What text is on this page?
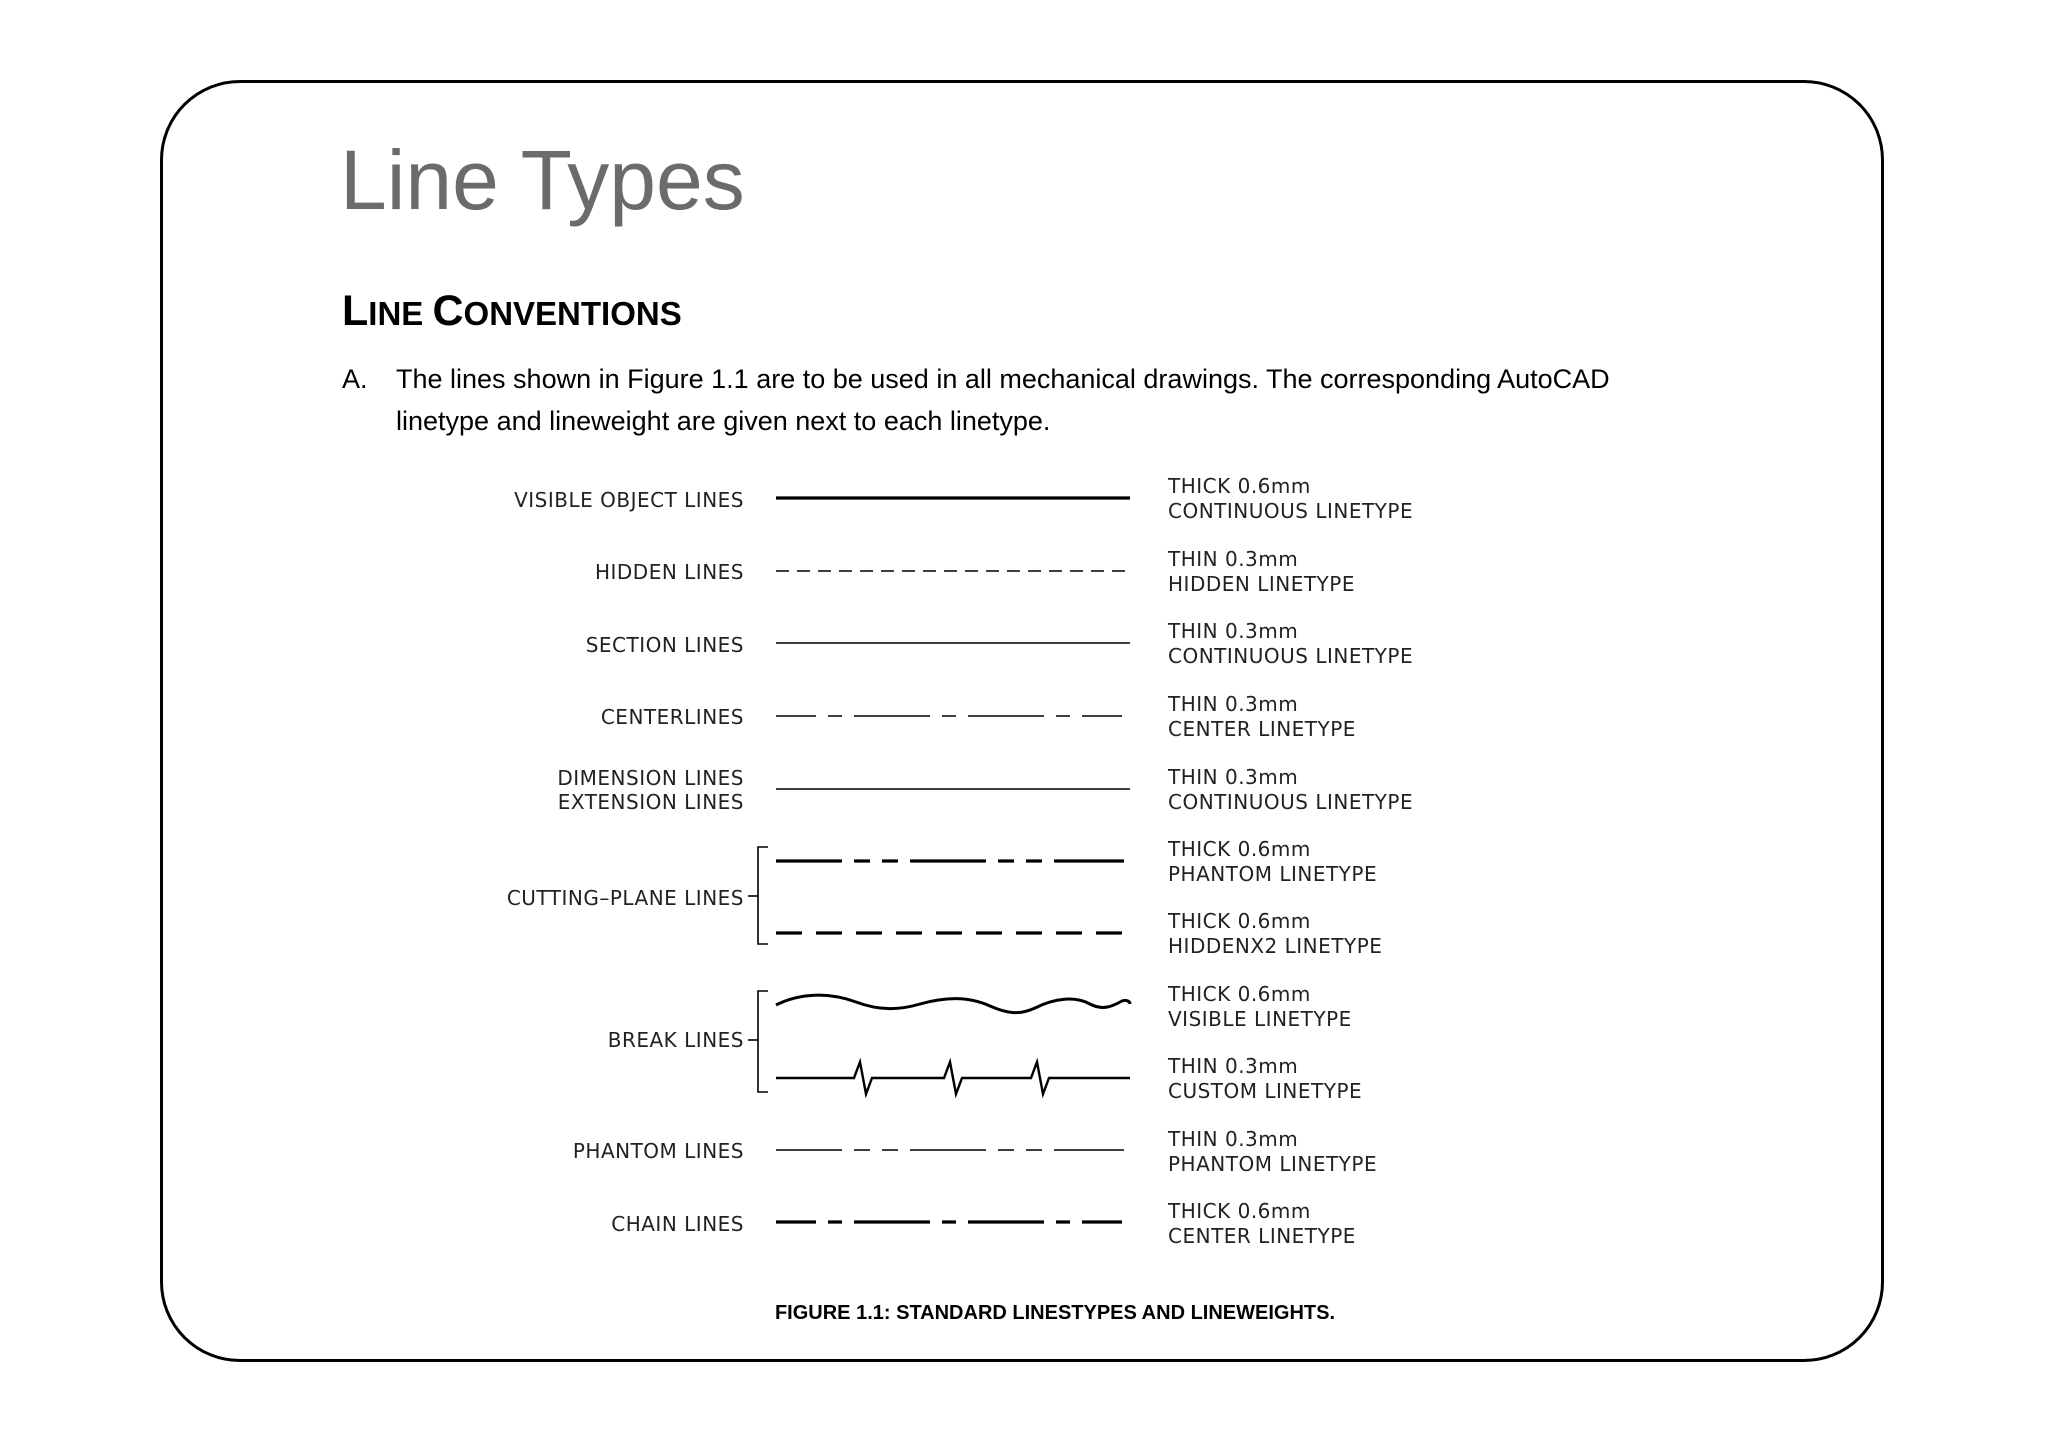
Line Types
LINE CONVENTIONS
A. The lines shown in Figure 1.1 are to be used in all mechanical drawings. The corresponding AutoCAD linetype and lineweight are given next to each linetype.
VISIBLE OBJECT LINES
HIDDEN LINES
SECTION LINES
CENTERLINES
DIMENSION LINES
EXTENSION LINES
CUTTING–PLANE LINES
BREAK LINES
PHANTOM LINES
CHAIN LINES
THICK 0.6mm
CONTINUOUS LINETYPE
THIN 0.3mm
HIDDEN LINETYPE
THIN 0.3mm
CONTINUOUS LINETYPE
THIN 0.3mm
CENTER LINETYPE
THIN 0.3mm
CONTINUOUS LINETYPE
THICK 0.6mm
PHANTOM LINETYPE
THICK 0.6mm
HIDDENX2 LINETYPE
THICK 0.6mm
VISIBLE LINETYPE
THIN 0.3mm
CUSTOM LINETYPE
THIN 0.3mm
PHANTOM LINETYPE
THICK 0.6mm
CENTER LINETYPE
FIGURE 1.1: STANDARD LINESTYPES AND LINEWEIGHTS.
